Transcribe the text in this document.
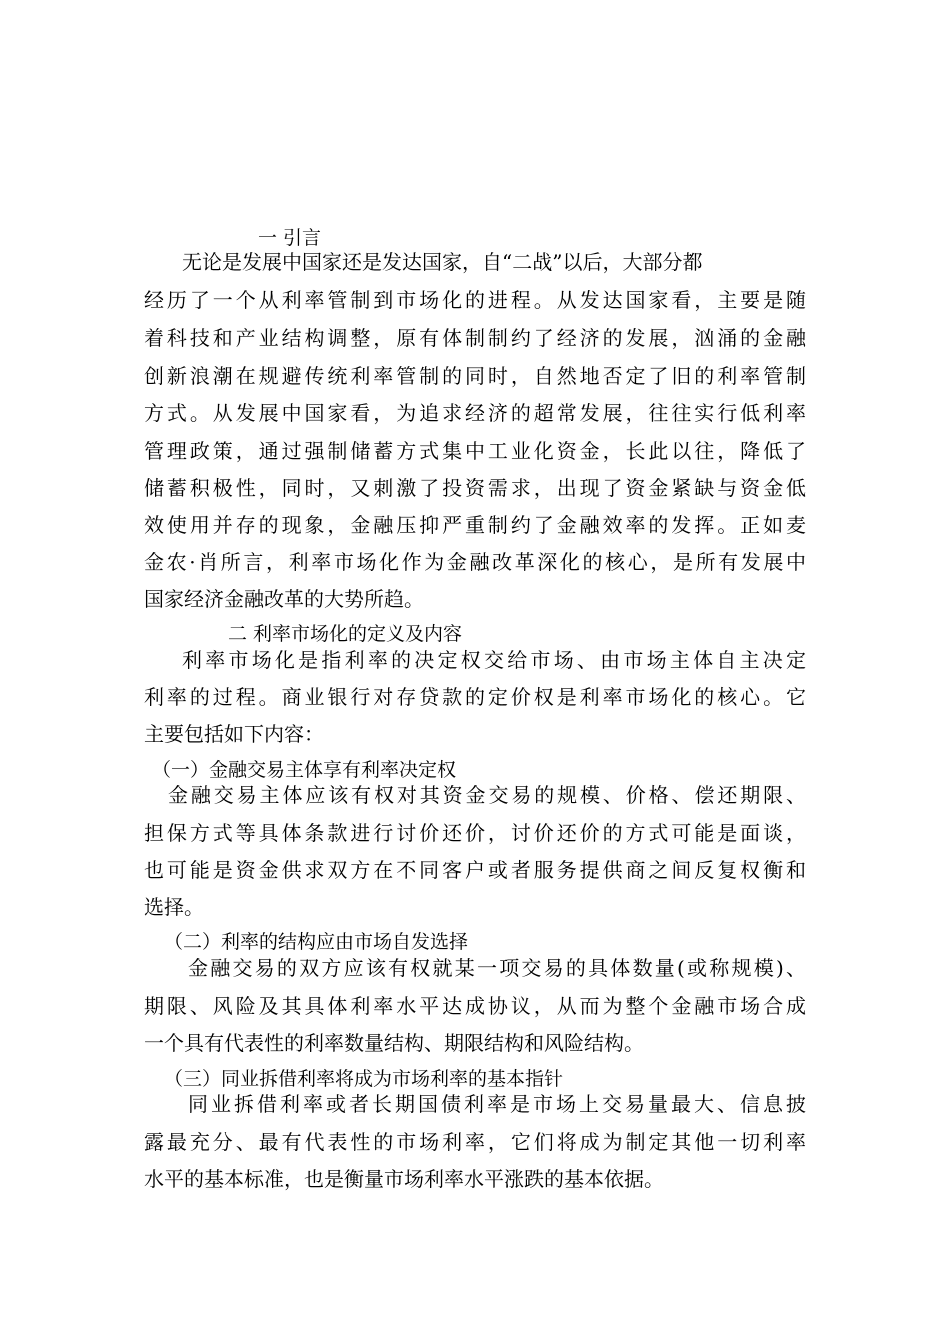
一 引言
无论是发展中国家还是发达国家，自“二战”以后，大部分都
经历了一个从利率管制到市场化的进程。从发达国家看，主要是随
着科技和产业结构调整，原有体制制约了经济的发展，汹涌的金融
创新浪潮在规避传统利率管制的同时，自然地否定了旧的利率管制
方式。从发展中国家看，为追求经济的超常发展，往往实行低利率
管理政策，通过强制储蓄方式集中工业化资金，长此以往，降低了
储蓄积极性，同时，又刺激了投资需求，出现了资金紧缺与资金低
效使用并存的现象，金融压抑严重制约了金融效率的发挥。正如麦
金农·肖所言，利率市场化作为金融改革深化的核心，是所有发展中
国家经济金融改革的大势所趋。
二 利率市场化的定义及内容
利率市场化是指利率的决定权交给市场、由市场主体自主决定
利率的过程。商业银行对存贷款的定价权是利率市场化的核心。它
主要包括如下内容：
（一）金融交易主体享有利率决定权
金融交易主体应该有权对其资金交易的规模、价格、偿还期限、
担保方式等具体条款进行讨价还价，讨价还价的方式可能是面谈，
也可能是资金供求双方在不同客户或者服务提供商之间反复权衡和
选择。
（二）利率的结构应由市场自发选择
金融交易的双方应该有权就某一项交易的具体数量(或称规模)、
期限、风险及其具体利率水平达成协议，从而为整个金融市场合成
一个具有代表性的利率数量结构、期限结构和风险结构。
（三）同业拆借利率将成为市场利率的基本指针
同业拆借利率或者长期国债利率是市场上交易量最大、信息披
露最充分、最有代表性的市场利率，它们将成为制定其他一切利率
水平的基本标准，也是衡量市场利率水平涨跌的基本依据。
